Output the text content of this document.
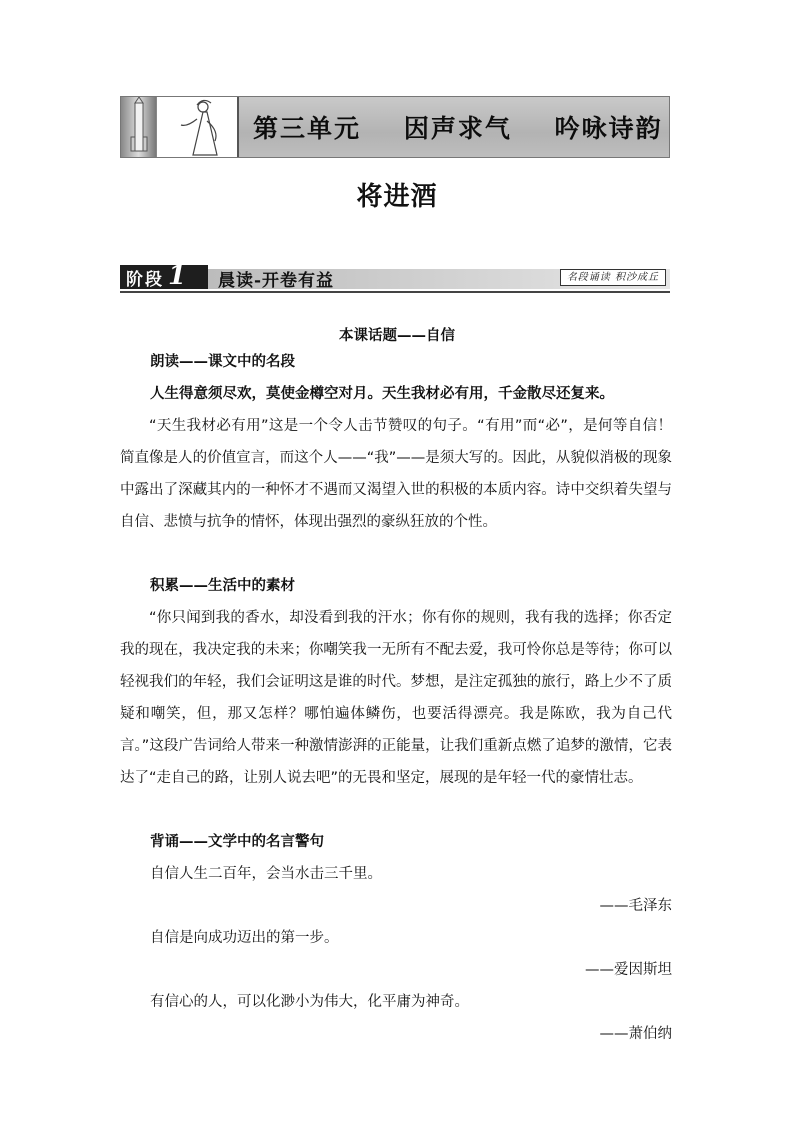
第三单元    因声求气    吟咏诗韵
将进酒
阶段 1 晨读-开卷有益	名段诵读 积沙成丘
本课话题——自信
朗读——课文中的名段
人生得意须尽欢，莫使金樽空对月。天生我材必有用，千金散尽还复来。
“天生我材必有用”这是一个令人击节赞叹的句子。“有用”而“必”，是何等自信！简直像是人的价值宣言，而这个人——“我”——是须大写的。因此，从貌似消极的现象中露出了深藏其内的一种怀才不遇而又渴望入世的积极的本质内容。诗中交织着失望与自信、悲愤与抗争的情怀，体现出强烈的豪纵狂放的个性。
积累——生活中的素材
“你只闻到我的香水，却没看到我的汗水；你有你的规则，我有我的选择；你否定我的现在，我决定我的未来；你嘲笑我一无所有不配去爱，我可怜你总是等待；你可以轻视我们的年轻，我们会证明这是谁的时代。梦想，是注定孤独的旅行，路上少不了质疑和嘲笑，但，那又怎样？哪怕遍体鳞伤，也要活得漂亮。我是陈欧，我为自己代言。”这段广告词给人带来一种激情澎湃的正能量，让我们重新点燃了追梦的激情，它表达了“走自己的路，让别人说去吧”的无畏和坚定，展现的是年轻一代的豪情壮志。
背诵——文学中的名言警句
自信人生二百年，会当水击三千里。
——毛泽东
自信是向成功迈出的第一步。
——爱因斯坦
有信心的人，可以化渺小为伟大，化平庸为神奇。
——萧伯纳
